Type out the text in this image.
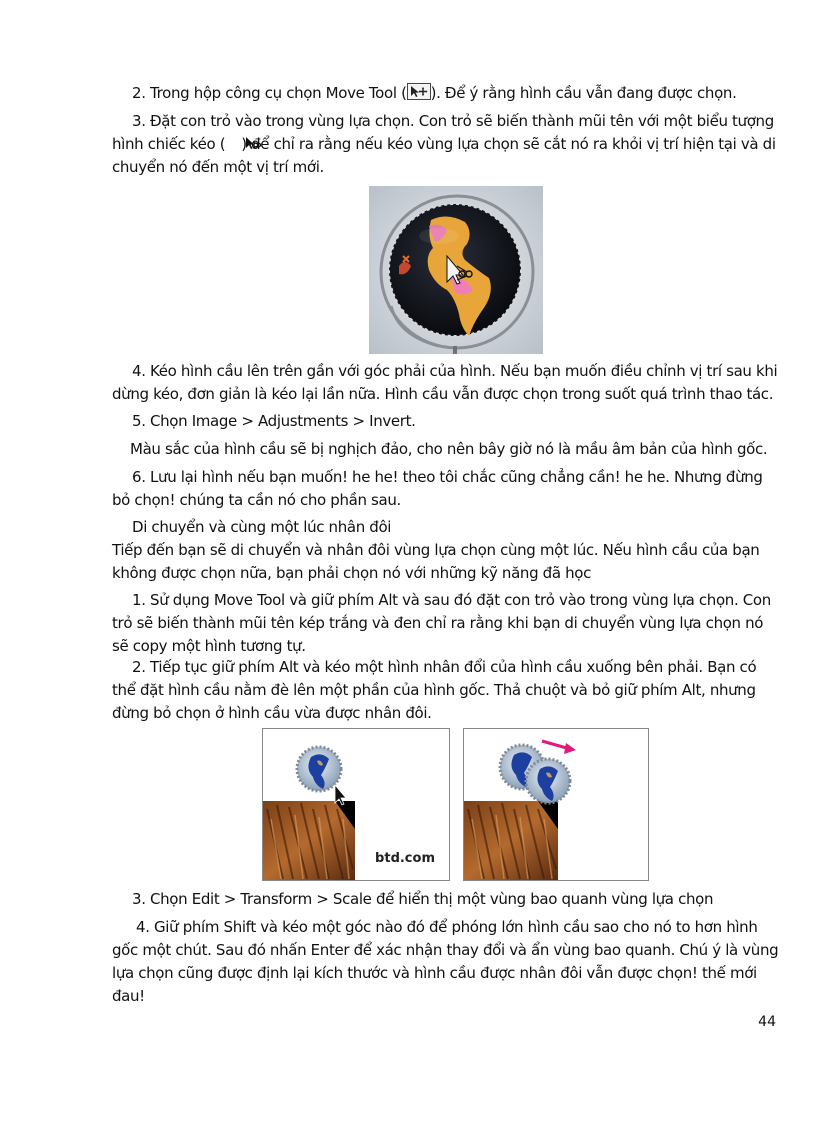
2. Trong hộp công cụ chọn Move Tool ( ). Để ý rằng hình cầu vẫn đang được chọn.

3. Đặt con trỏ vào trong vùng lựa chọn. Con trỏ sẽ biến thành mũi tên với một biểu tượng hình chiếc kéo ( ) để chỉ ra rằng nếu kéo vùng lựa chọn sẽ cắt nó ra khỏi vị trí hiện tại và di chuyển nó đến một vị trí mới.

4. Kéo hình cầu lên trên gần với góc phải của hình. Nếu bạn muốn điều chỉnh vị trí sau khi dừng kéo, đơn giản là kéo lại lần nữa. Hình cầu vẫn được chọn trong suốt quá trình thao tác.

5. Chọn Image > Adjustments > Invert.

Màu sắc của hình cầu sẽ bị nghịch đảo, cho nên bây giờ nó là mầu âm bản của hình gốc.

6. Lưu lại hình nếu bạn muốn! he he! theo tôi chắc cũng chẳng cần! he he. Nhưng đừng bỏ chọn! chúng ta cần nó cho phần sau.

Di chuyển và cùng một lúc nhân đôi

Tiếp đến bạn sẽ di chuyển và nhân đôi vùng lựa chọn cùng một lúc. Nếu hình cầu của bạn không được chọn nữa, bạn phải chọn nó với những kỹ năng đã học

1. Sử dụng Move Tool và giữ phím Alt và sau đó đặt con trỏ vào trong vùng lựa chọn. Con trỏ sẽ biến thành mũi tên kép trắng và đen chỉ ra rằng khi bạn di chuyển vùng lựa chọn nó sẽ copy một hình tương tự.

2. Tiếp tục giữ phím Alt và kéo một hình nhân đổi của hình cầu xuống bên phải. Bạn có thể đặt hình cầu nằm đè lên một phần của hình gốc. Thả chuột và bỏ giữ phím Alt, nhưng đừng bỏ chọn ở hình cầu vừa được nhân đôi.

btd.com

3. Chọn Edit > Transform > Scale để hiển thị một vùng bao quanh vùng lựa chọn

4. Giữ phím Shift và kéo một góc nào đó để phóng lớn hình cầu sao cho nó to hơn hình gốc một chút. Sau đó nhấn Enter để xác nhận thay đổi và ẩn vùng bao quanh. Chú ý là vùng lựa chọn cũng được định lại kích thước và hình cầu được nhân đôi vẫn được chọn! thế mới đau!

44
